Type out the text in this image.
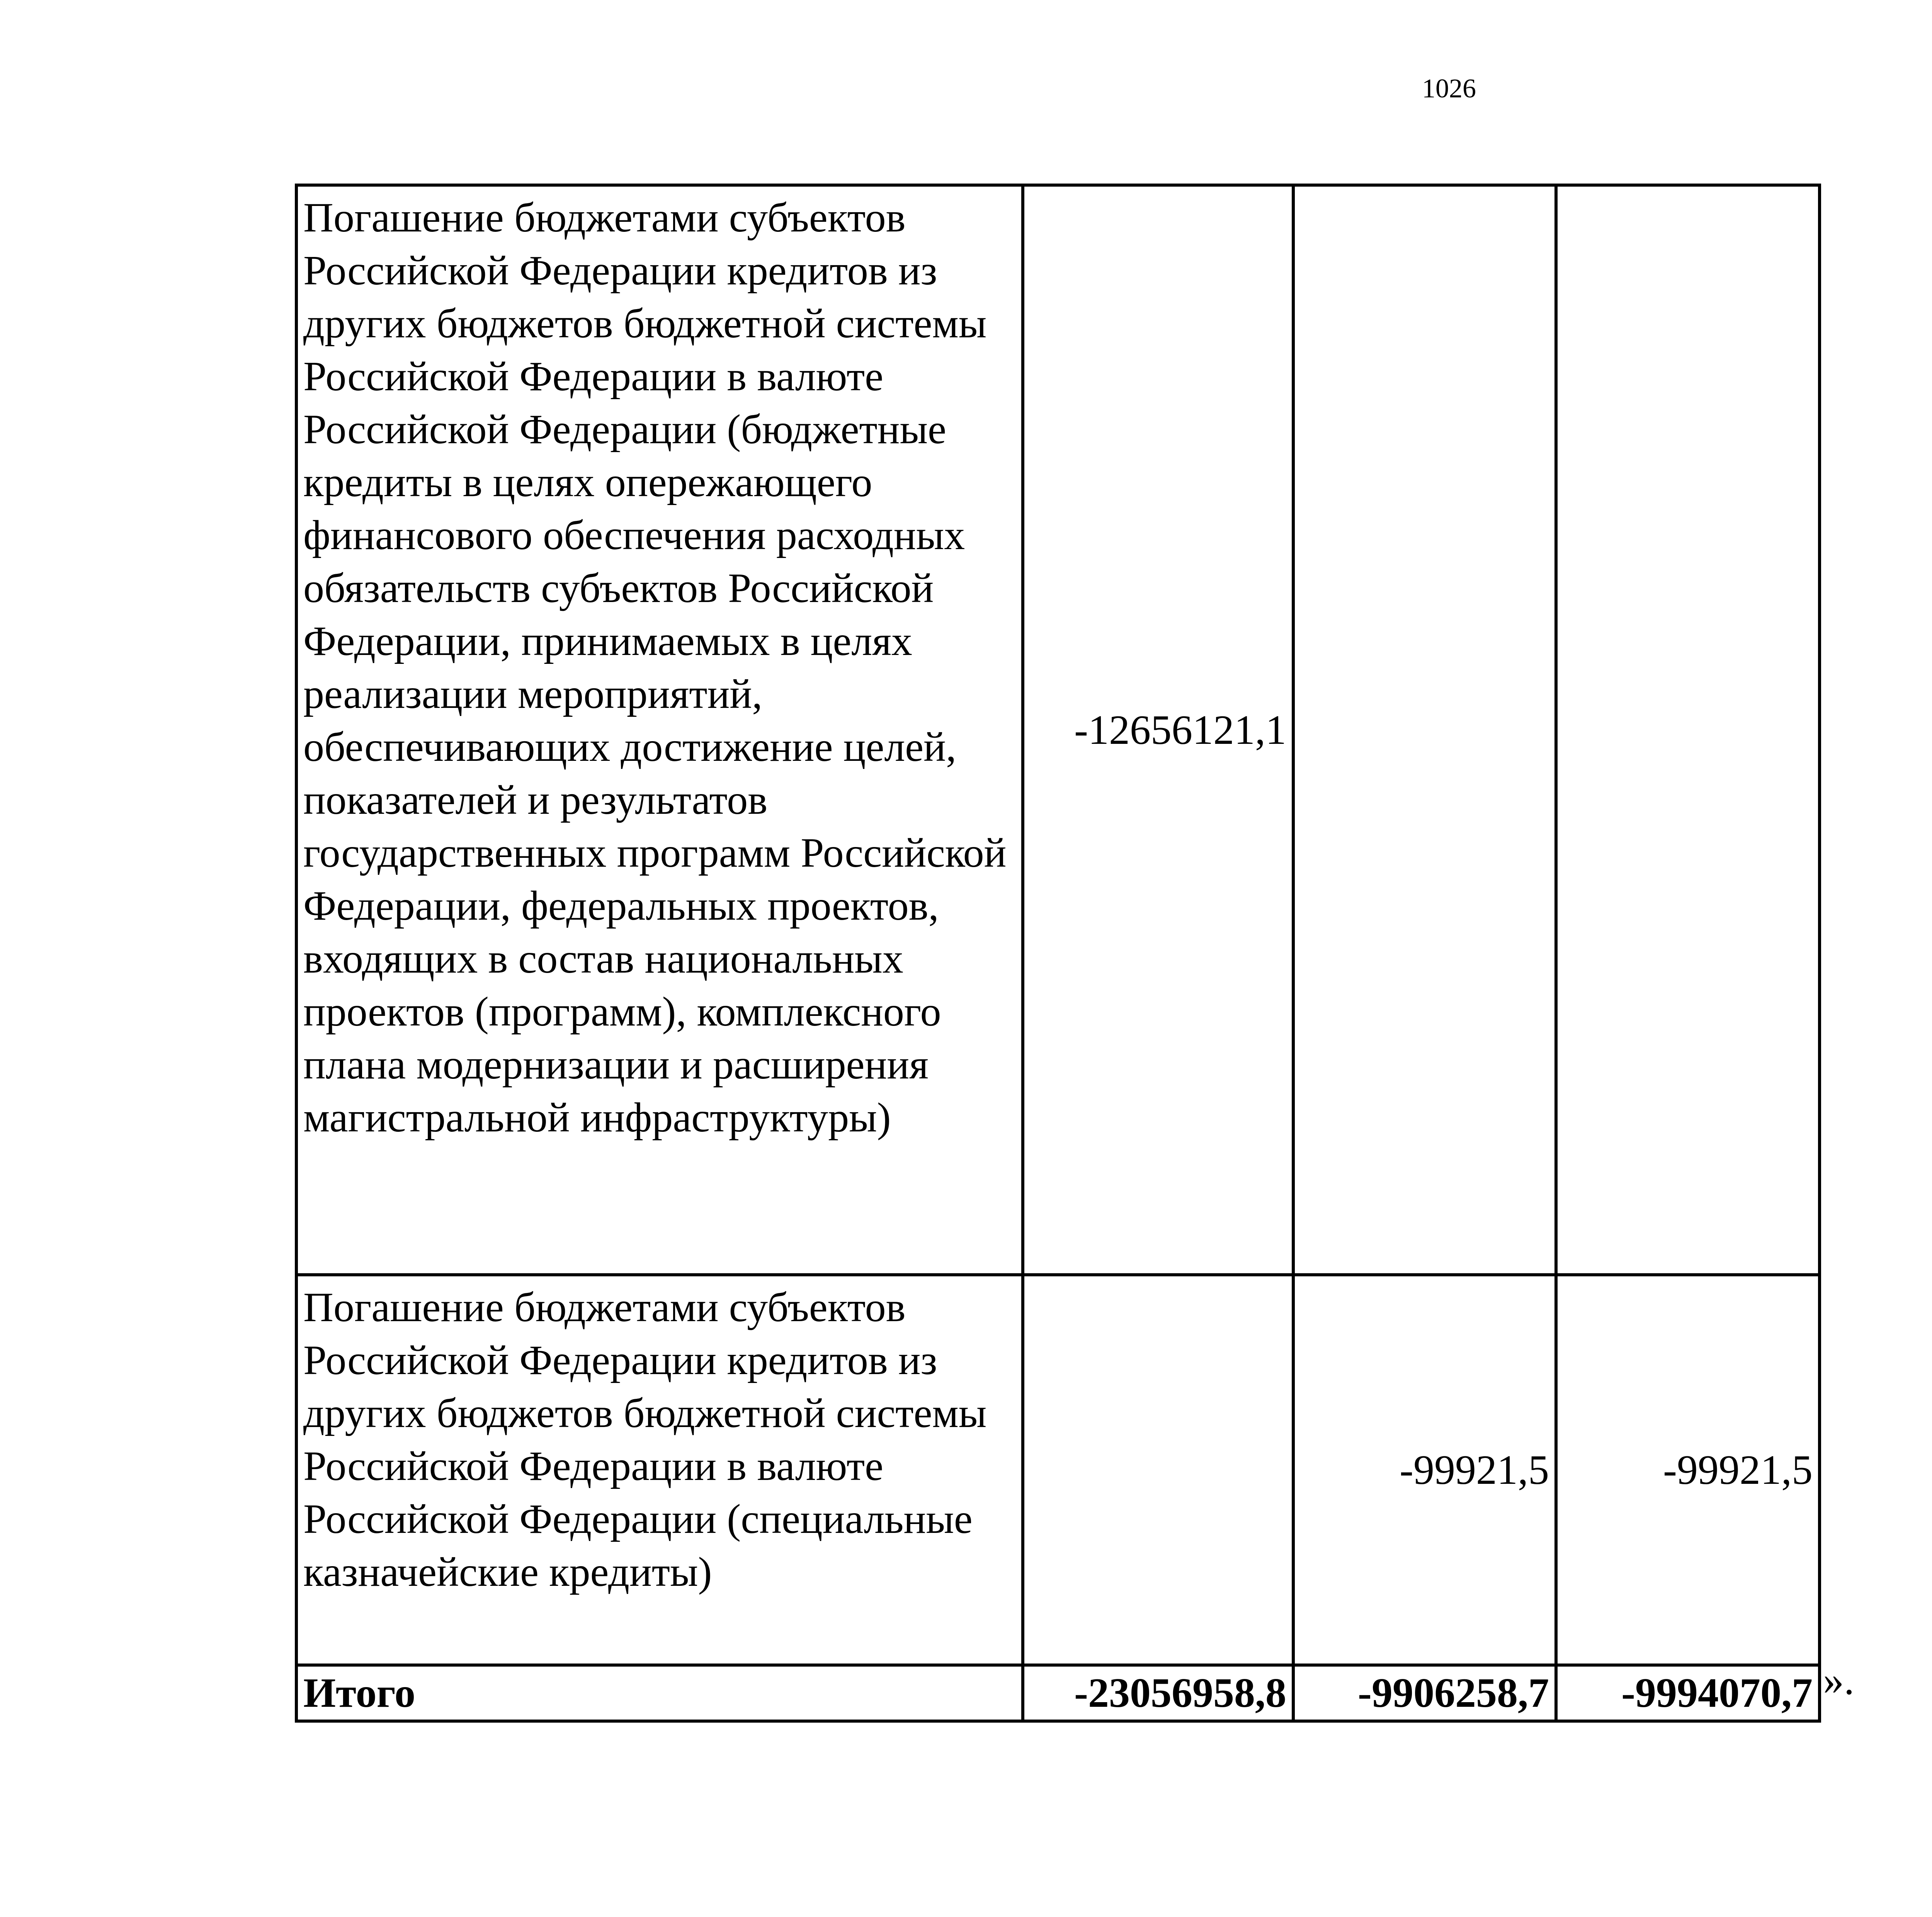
1026
Погашение бюджетами субъектов Российской Федерации кредитов из других бюджетов бюджетной системы Российской Федерации в валюте Российской Федерации (бюджетные кредиты в целях опережающего финансового обеспечения расходных обязательств субъектов Российской Федерации, принимаемых в целях реализации мероприятий, обеспечивающих достижение целей, показателей и результатов государственных программ Российской Федерации, федеральных проектов, входящих в состав национальных проектов (программ), комплексного плана модернизации и расширения магистральной инфраструктуры)	-12656121,1		
Погашение бюджетами субъектов Российской Федерации кредитов из других бюджетов бюджетной системы Российской Федерации в валюте Российской Федерации (специальные казначейские кредиты)		-99921,5	-99921,5
Итого	-23056958,8	-9906258,7	-9994070,7 ».
